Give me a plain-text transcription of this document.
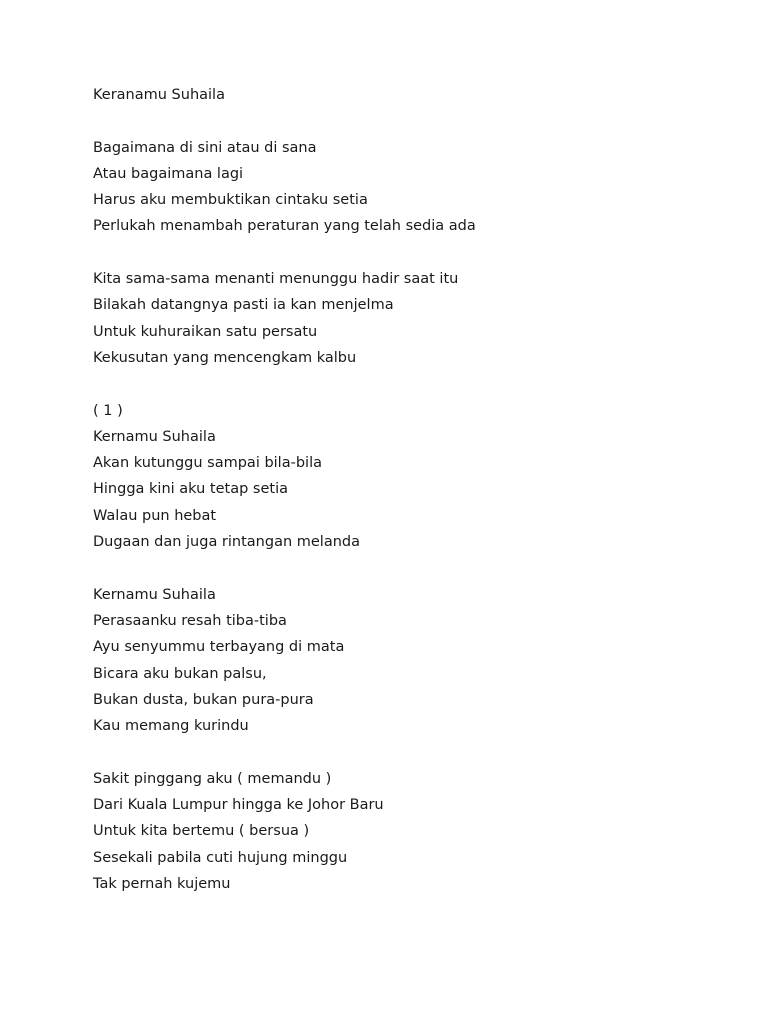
Keranamu Suhaila
Bagaimana di sini atau di sana
Atau bagaimana lagi
Harus aku membuktikan cintaku setia
Perlukah menambah peraturan yang telah sedia ada
Kita sama-sama menanti menunggu hadir saat itu
Bilakah datangnya pasti ia kan menjelma
Untuk kuhuraikan satu persatu
Kekusutan yang mencengkam kalbu
( 1 )
Kernamu Suhaila
Akan kutunggu sampai bila-bila
Hingga kini aku tetap setia
Walau pun hebat
Dugaan dan juga rintangan melanda
Kernamu Suhaila
Perasaanku resah tiba-tiba
Ayu senyummu terbayang di mata
Bicara aku bukan palsu,
Bukan dusta, bukan pura-pura
Kau memang kurindu
Sakit pinggang aku ( memandu )
Dari Kuala Lumpur hingga ke Johor Baru
Untuk kita bertemu ( bersua )
Sesekali pabila cuti hujung minggu
Tak pernah kujemu
